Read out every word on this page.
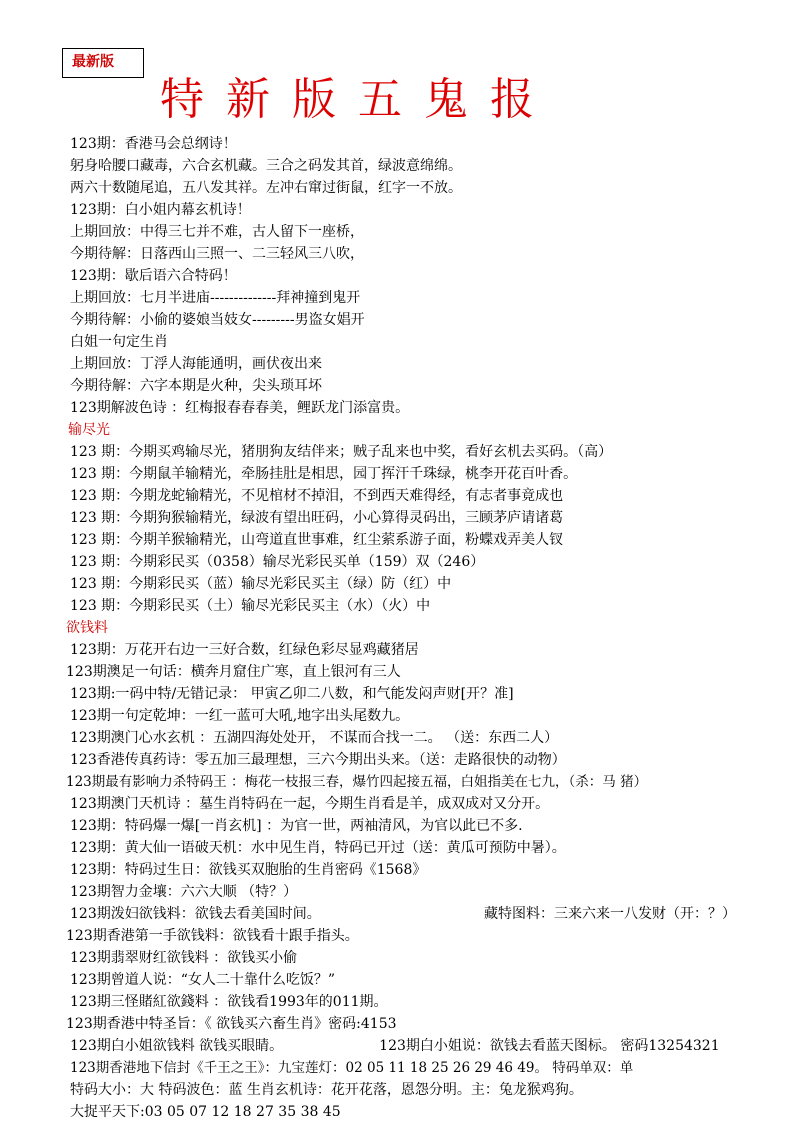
最新版
特新版五鬼报
123期：香港马会总纲诗！
躬身哈腰口藏毒，六合玄机藏。三合之码发其首，绿波意绵绵。
两六十数随尾追，五八发其祥。左冲右窜过街鼠，红字一不放。
123期：白小姐内幕玄机诗！
上期回放：中得三七并不难，古人留下一座桥，
今期待解：日落西山三照一、二三轻风三八吹，
123期：歇后语六合特码！
上期回放：七月半进庙--------------拜神撞到鬼开
今期待解：小偷的婆娘当妓女---------男盗女娼开
白姐一句定生肖
上期回放：丁浮人海能通明，画伏夜出来
今期待解：六字本期是火种，尖头琐耳坏
123期解波色诗 ：红梅报春春春美，鲤跃龙门添富贵。
输尽光
123 期：今期买鸡输尽光，猪朋狗友结伴来；贼子乱来也中奖，看好玄机去买码。（高）
123 期：今期鼠羊输精光，牵肠挂肚是相思，园丁挥汗千珠绿，桃李开花百叶香。
123 期：今期龙蛇输精光，不见棺材不掉泪，不到西天难得经，有志者事竟成也
123 期：今期狗猴输精光，绿波有望出旺码，小心算得灵码出，三顾茅庐请诸葛
123 期：今期羊猴输精光，山弯道直世事难，红尘萦系游子面，粉蝶戏弄美人钗
123 期：今期彩民买（0358）输尽光彩民买单（159）双（246）
123 期：今期彩民买（蓝）输尽光彩民买主（绿）防（红）中
123 期：今期彩民买（土）输尽光彩民买主（水）（火）中
欲钱料
123期：万花开右边一三好合数，红绿色彩尽显鸡藏猪居
123期澳足一句话：横奔月窟住广寒，直上银河有三人
123期:一码中特/无错记录： 甲寅乙卯二八数，和气能发闷声财[开？准]
123期一句定乾坤：一红一蓝可大吼,地字出头尾数九。
123期澳门心水玄机 ：五湖四海处处开， 不谋而合找一二。 （送：东西二人）
123香港传真药诗：零五加三最理想，三六今期出头来。（送：走路很快的动物）
123期最有影响力杀特码王 ：梅花一枝报三春，爆竹四起接五福，白姐指美在七九，（杀：马 猪）
123期澳门天机诗 ：墓生肖特码在一起，今期生肖看是羊，成双成对又分开。
123期：特码爆一爆[一肖玄机] ：为官一世，两袖清风，为官以此已不多.
123期：黄大仙一语破天机：水中见生肖，特码已开过（送：黄瓜可预防中暑）。
123期：特码过生日：欲钱买双胞胎的生肖密码《1568》
123期智力金壤：六六大顺 （特？）
123期泼妇欲钱料：欲钱去看美国时间。	藏特图料：三来六来一八发财（开：？）
123期香港第一手欲钱料：欲钱看十跟手指头。
123期翡翠财红欲钱料 ：欲钱买小偷
123期曾道人说：“女人二十靠什么吃饭？”
123期三怪賭紅欲錢料 ：欲钱看1993年的011期。
123期香港中特圣旨：《 欲钱买六畜生肖》密码:4153
123期白小姐欲钱料 欲钱买眼睛。	123期白小姐说：欲钱去看蓝天图标。 密码13254321
123期香港地下信封《千王之王》：九宝莲灯：02 05 11 18 25 26 29 46 49。 特码单双：单
特码大小：大 特码波色：蓝 生肖玄机诗：花开花落，恩怨分明。主：兔龙猴鸡狗。
大捉平天下:03 05 07 12 18 27 35 38 45
